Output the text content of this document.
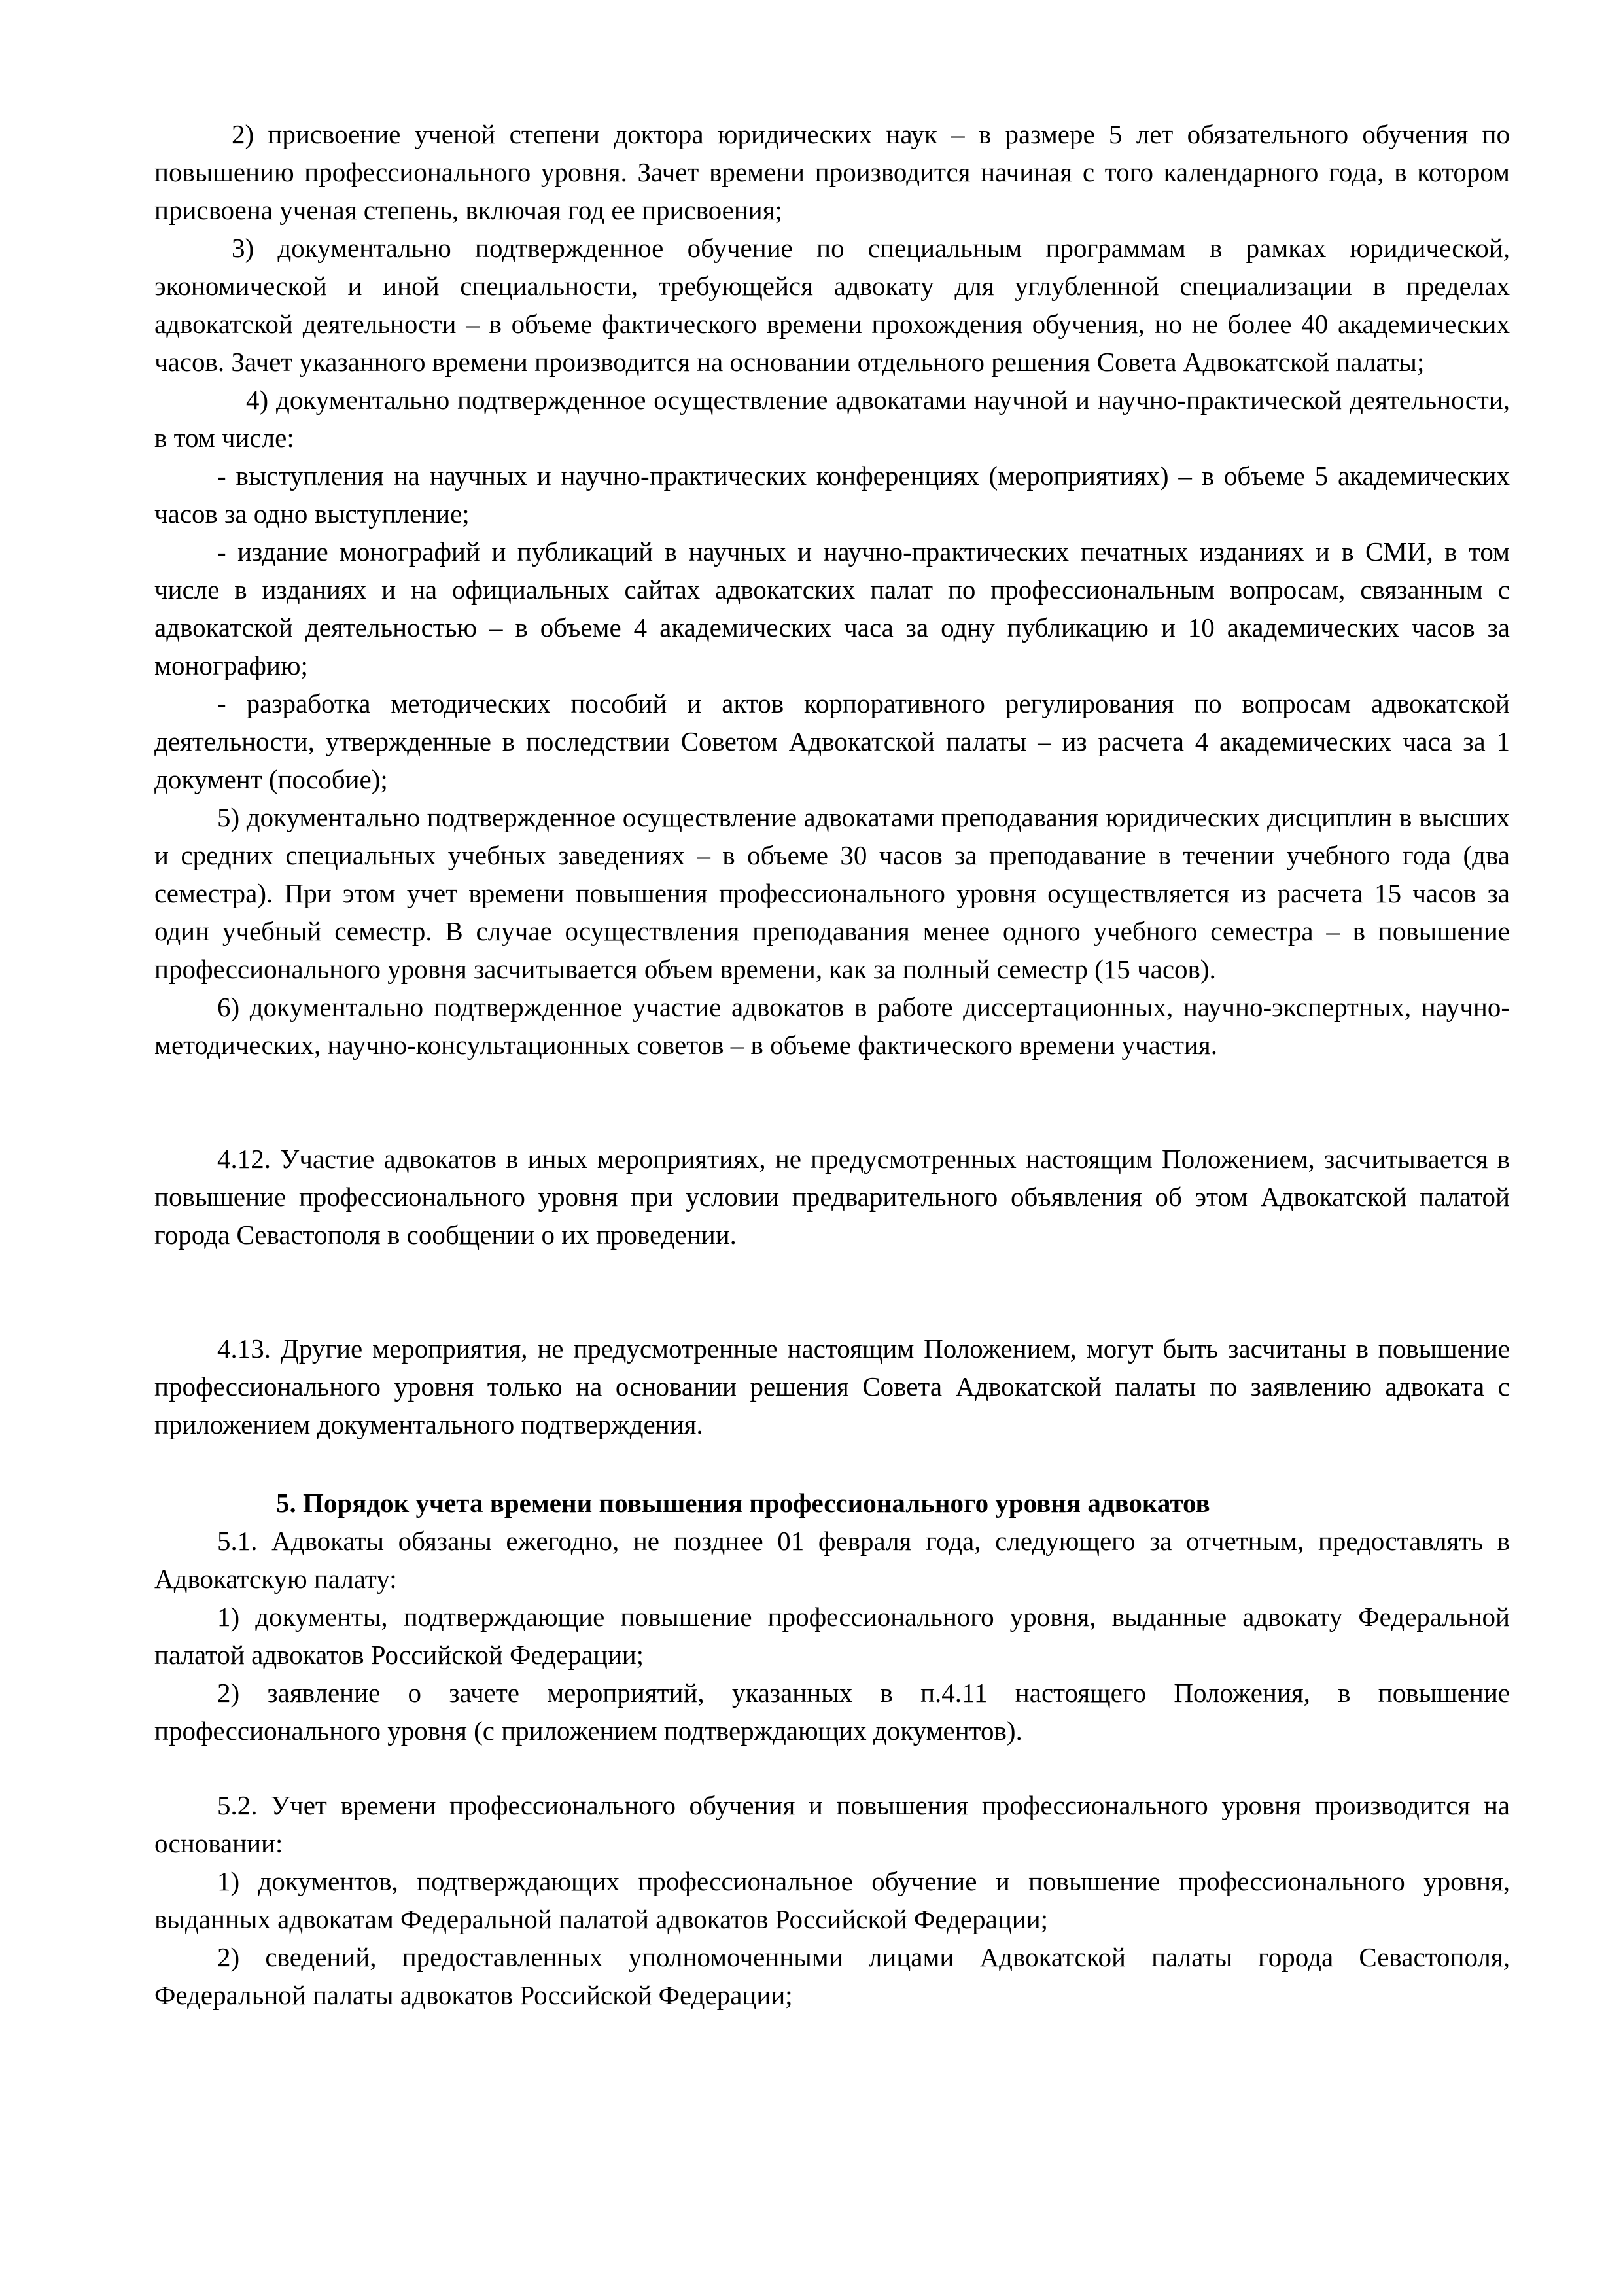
2) присвоение ученой степени доктора юридических наук – в размере 5 лет обязательного обучения по повышению профессионального уровня. Зачет времени производится начиная с того календарного года, в котором присвоена ученая степень, включая год ее присвоения;

3) документально подтвержденное обучение по специальным программам в рамках юридической, экономической и иной специальности, требующейся адвокату для углубленной специализации в пределах адвокатской деятельности – в объеме фактического времени прохождения обучения, но не более 40 академических часов. Зачет указанного времени производится на основании отдельного решения Совета Адвокатской палаты;

4) документально подтвержденное осуществление адвокатами научной и научно-практической деятельности, в том числе:

- выступления на научных и научно-практических конференциях (мероприятиях) – в объеме 5 академических часов за одно выступление;

- издание монографий и публикаций в научных и научно-практических печатных изданиях и в СМИ, в том числе в изданиях и на официальных сайтах адвокатских палат по профессиональным вопросам, связанным с адвокатской деятельностью – в объеме 4 академических часа за одну публикацию и 10 академических часов за монографию;

- разработка методических пособий и актов корпоративного регулирования по вопросам адвокатской деятельности, утвержденные в последствии Советом Адвокатской палаты – из расчета 4 академических часа за 1 документ (пособие);

5) документально подтвержденное осуществление адвокатами преподавания юридических дисциплин в высших и средних специальных учебных заведениях – в объеме 30 часов за преподавание в течении учебного года (два семестра). При этом учет времени повышения профессионального уровня осуществляется из расчета 15 часов за один учебный семестр. В случае осуществления преподавания менее одного учебного семестра – в повышение профессионального уровня засчитывается объем времени, как за полный семестр (15 часов).

6) документально подтвержденное участие адвокатов в работе диссертационных, научно-экспертных, научно-методических, научно-консультационных советов – в объеме фактического времени участия.

4.12. Участие адвокатов в иных мероприятиях, не предусмотренных настоящим Положением, засчитывается в повышение профессионального уровня при условии предварительного объявления об этом Адвокатской палатой города Севастополя в сообщении о их проведении.

4.13. Другие мероприятия, не предусмотренные настоящим Положением, могут быть засчитаны в повышение профессионального уровня только на основании решения Совета Адвокатской палаты по заявлению адвоката с приложением документального подтверждения.

5. Порядок учета времени повышения профессионального уровня адвокатов

5.1. Адвокаты обязаны ежегодно, не позднее 01 февраля года, следующего за отчетным, предоставлять в Адвокатскую палату:

1) документы, подтверждающие повышение профессионального уровня, выданные адвокату Федеральной палатой адвокатов Российской Федерации;

2) заявление о зачете мероприятий, указанных в п.4.11 настоящего Положения, в повышение профессионального уровня (с приложением подтверждающих документов).

5.2. Учет времени профессионального обучения и повышения профессионального уровня производится на основании:

1) документов, подтверждающих профессиональное обучение и повышение профессионального уровня, выданных адвокатам Федеральной палатой адвокатов Российской Федерации;

2) сведений, предоставленных уполномоченными лицами Адвокатской палаты города Севастополя, Федеральной палаты адвокатов Российской Федерации;
